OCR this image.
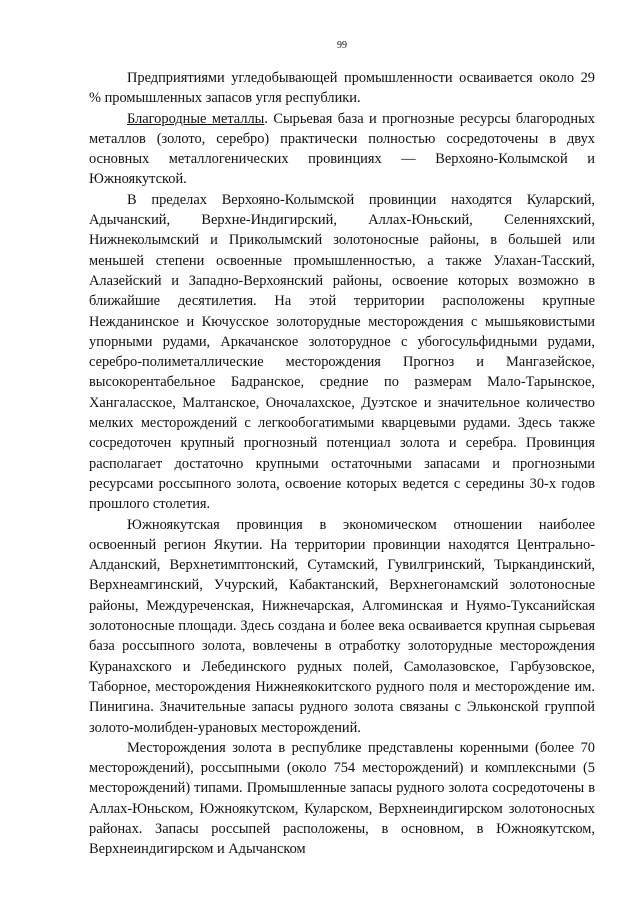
99

Предприятиями угледобывающей промышленности осваивается около 29 % промышленных запасов угля республики.

Благородные металлы. Сырьевая база и прогнозные ресурсы благородных металлов (золото, серебро) практически полностью сосредоточены в двух основных металлогенических провинциях — Верхояно-Колымской и Южноякутской.

В пределах Верхояно-Колымской провинции находятся Куларский, Адычанский, Верхне-Индигирский, Аллах-Юньский, Селенняхский, Нижнеколымский и Приколымский золотоносные районы, в большей или меньшей степени освоенные промышленностью, а также Улахан-Тасский, Алазейский и Западно-Верхоянский районы, освоение которых возможно в ближайшие десятилетия. На этой территории расположены крупные Нежданинское и Кючусское золоторудные месторождения с мышьяковистыми упорными рудами, Аркачанское золоторудное с убогосульфидными рудами, серебро-полиметаллические месторождения Прогноз и Мангазейское, высокорентабельное Бадранское, средние по размерам Мало-Тарынское, Хангаласское, Малтанское, Оночалахское, Дуэтское и значительное количество мелких месторождений с легкообогатимыми кварцевыми рудами. Здесь также сосредоточен крупный прогнозный потенциал золота и серебра. Провинция располагает достаточно крупными остаточными запасами и прогнозными ресурсами россыпного золота, освоение которых ведется с середины 30-х годов прошлого столетия.

Южноякутская провинция в экономическом отношении наиболее освоенный регион Якутии. На территории провинции находятся Центрально-Алданский, Верхнетимптонский, Сутамский, Гувилгринский, Тыркандинский, Верхнеамгинский, Учурский, Кабактанский, Верхнегонамский золотоносные районы, Междуреченская, Нижнечарская, Алгоминская и Нуямо-Туксанийская золотоносные площади. Здесь создана и более века осваивается крупная сырьевая база россыпного золота, вовлечены в отработку золоторудные месторождения Куранахского и Лебединского рудных полей, Самолазовское, Гарбузовское, Таборное, месторождения Нижнеякокитского рудного поля и месторождение им. Пинигина. Значительные запасы рудного золота связаны с Эльконской группой золото-молибден-урановых месторождений.

Месторождения золота в республике представлены коренными (более 70 месторождений), россыпными (около 754 месторождений) и комплексными (5 месторождений) типами. Промышленные запасы рудного золота сосредоточены в Аллах-Юньском, Южноякутском, Куларском, Верхнеиндигирском золотоносных районах. Запасы россыпей расположены, в основном, в Южноякутском, Верхнеиндигирском и Адычанском
